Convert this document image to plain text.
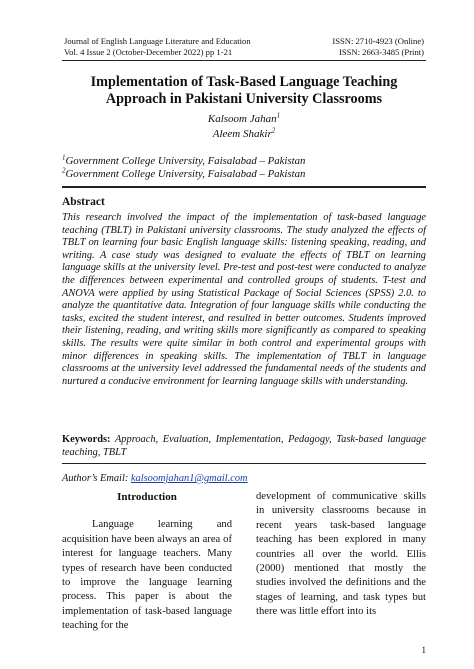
Journal of English Language Literature and Education	ISSN: 2710-4923 (Online)
Vol. 4 Issue 2 (October-December 2022) pp 1-21	ISSN: 2663-3485 (Print)
Implementation of Task-Based Language Teaching Approach in Pakistani University Classrooms
Kalsoom Jahan$^1$
Aleem Shakir$^2$
$^1$Government College University, Faisalabad – Pakistan
$^2$Government College University, Faisalabad – Pakistan
Abstract
This research involved the impact of the implementation of task-based language teaching (TBLT) in Pakistani university classrooms. The study analyzed the effects of TBLT on learning four basic English language skills: listening speaking, reading, and writing. A case study was designed to evaluate the effects of TBLT on learning language skills at the university level. Pre-test and post-test were conducted to analyze the differences between experimental and controlled groups of students. T-test and ANOVA were applied by using Statistical Package of Social Sciences (SPSS) 2.0. to analyze the quantitative data. Integration of four language skills while conducting the tasks, excited the student interest, and resulted in better outcomes. Students improved their listening, reading, and writing skills more significantly as compared to speaking skills. The results were quite similar in both control and experimental groups with minor differences in speaking skills. The implementation of TBLT in language classrooms at the university level addressed the fundamental needs of the students and nurtured a conducive environment for learning language skills with understanding.
Keywords: Approach, Evaluation, Implementation, Pedagogy, Task-based language teaching, TBLT
Author’s Email: kalsoomjahan1@gmail.com
Introduction

Language learning and acquisition have been always an area of interest for language teachers. Many types of research have been conducted to improve the language learning process. This paper is about the implementation of task-based language teaching for the

development of communicative skills in university classrooms because in recent years task-based language teaching has been explored in many countries all over the world. Ellis (2000) mentioned that mostly the studies involved the definitions and the stages of learning, and task types but there was little effort into its

1
